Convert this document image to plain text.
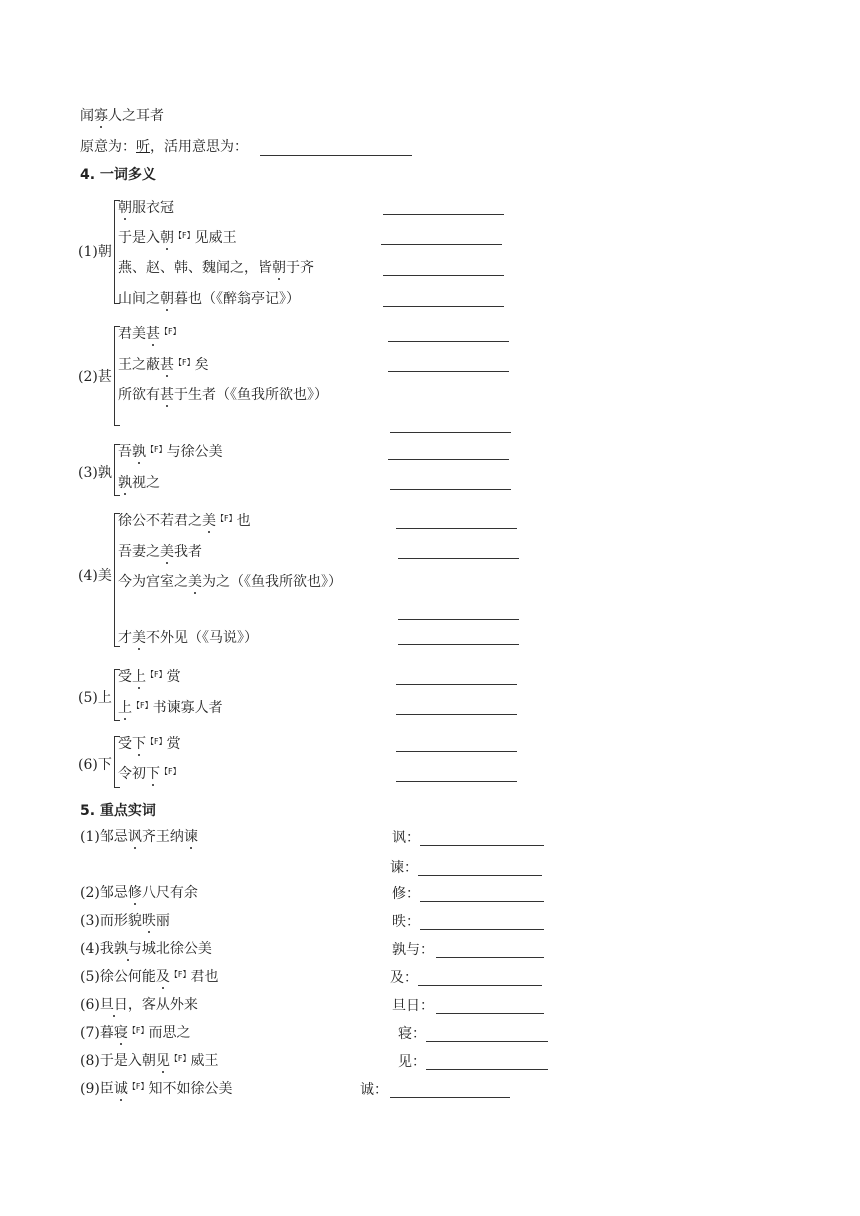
闻寡人之耳者
原意为：听，活用意思为：
4. 一词多义
(1)朝
朝服衣冠
于是入朝$^{【F】}$见威王
燕、赵、韩、魏闻之，皆朝于齐
山间之朝暮也（《醉翁亭记》）
(2)甚
君美甚$^{【F】}$
王之蔽甚$^{【F】}$矣
所欲有甚于生者（《鱼我所欲也》）
(3)孰
吾孰$^{【F】}$与徐公美
孰视之
(4)美
徐公不若君之美$^{【F】}$也
吾妻之美我者
今为宫室之美为之（《鱼我所欲也》）
才美不外见（《马说》）
(5)上
受上$^{【F】}$赏
上$^{【F】}$书谏寡人者
(6)下
受下$^{【F】}$赏
令初下$^{【F】}$
5. 重点实词
(1)邹忌讽齐王纳谏	讽：
谏：
(2)邹忌修八尺有余	修：
(3)而形貌昳丽	昳：
(4)我孰与城北徐公美	孰与：
(5)徐公何能及$^{【F】}$君也	及：
(6)旦日，客从外来	旦日：
(7)暮寝$^{【F】}$而思之	寝：
(8)于是入朝见$^{【F】}$威王	见：
(9)臣诚$^{【F】}$知不如徐公美	诚：
